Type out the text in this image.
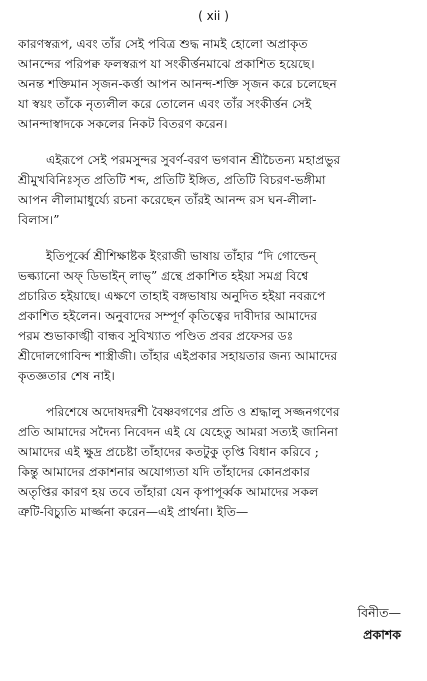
( xii )
কারণস্বরূপ, এবং তাঁর সেই পবিত্র শুদ্ধ নামই হোলো অপ্রাকৃত
আনন্দের পরিপক্ব ফলস্বরূপ যা সংকীর্ত্তনমাঝে প্রকাশিত হয়েছে।
অনন্ত শক্তিমান সৃজন-কর্ত্তা আপন আনন্দ-শক্তি সৃজন করে চলেছেন
যা স্বয়ং তাঁকে নৃত্যলীল করে তোলেন এবং তাঁর সংকীর্ত্তন সেই
আনন্দাস্বাদকে সকলের নিকট বিতরণ করেন।
এইরূপে সেই পরমসুন্দর সুবর্ণ-বরণ ভগবান শ্রীচৈতন্য মহাপ্রভুর
শ্রীমুখবিনিঃসৃত প্রতিটি শব্দ, প্রতিটি ইঙ্গিত, প্রতিটি বিচরণ-ভঙ্গীমা
আপন লীলামাধুর্য্যে রচনা করেছেন তাঁরই আনন্দ রস ঘন-লীলা-
বিলাস।”
ইতিপূর্ব্বে শ্রীশিক্ষাষ্টক ইংরাজী ভাষায় তাঁহার “দি গোল্ডেন্
ভল্ক্যানো অফ্ ডিভাইন্ লাভ্” গ্রন্থে প্রকাশিত হইয়া সমগ্র বিশ্বে
প্রচারিত হইয়াছে। এক্ষণে তাহাই বঙ্গভাষায় অনুদিত হইয়া নবরূপে
প্রকাশিত হইলেন। অনুবাদের সম্পূর্ণ কৃতিত্বের দাবীদার আমাদের
পরম শুভাকাঙ্খী বান্ধব সুবিখ্যাত পণ্ডিত প্রবর প্রফেসর ডঃ
শ্রীদোলগোবিন্দ শাস্ত্রীজী। তাঁহার এইপ্রকার সহায়তার জন্য আমাদের
কৃতজ্ঞতার শেষ নাই।
পরিশেষে অদোষদরশী বৈষ্ণবগণের প্রতি ও শ্রদ্ধালু সজ্জনগণের
প্রতি আমাদের সদৈন্য নিবেদন এই যে যেহেতু আমরা সত্যই জানিনা
আমাদের এই ক্ষুদ্র প্রচেষ্টা তাঁহাদের কতটুকু তৃপ্তি বিধান করিবে ;
কিন্তু আমাদের প্রকাশনার অযোগ্যতা যদি তাঁহাদের কোনপ্রকার
অতৃপ্তির কারণ হয় তবে তাঁহারা যেন কৃপাপূর্ব্বক আমাদের সকল
ত্রুটি-বিচ্যুতি মার্জ্জনা করেন—এই প্রার্থনা। ইতি—
বিনীত—
প্রকাশক
